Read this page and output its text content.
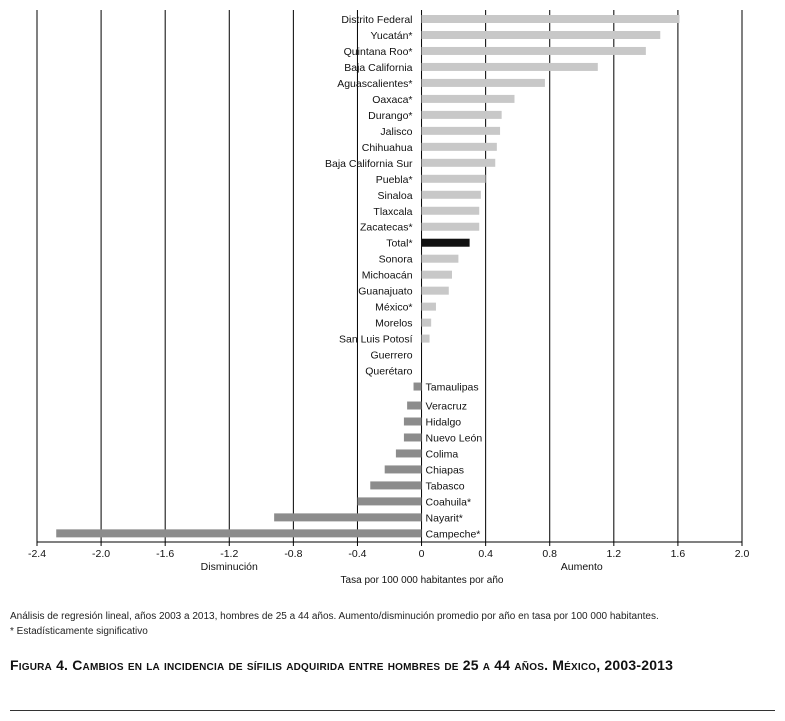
Distrito Federal
Yucatán*
Quintana Roo*
Baja California
Aguascalientes*
Oaxaca*
Durango*
Jalisco
Chihuahua
Baja California Sur
Puebla*
Sinaloa
Tlaxcala
Zacatecas*
Total*
Sonora
Michoacán
Guanajuato
México*
Morelos
San Luis Potosí
Guerrero
Querétaro
Tamaulipas
Veracruz
Hidalgo
Nuevo León
Colima
Chiapas
Tabasco
Coahuila*
Nayarit*
Campeche*
-2.4	-2.0	-1.6	-1.2	-0.8	-0.4	0	0.4	0.8	1.2	1.6	2.0
Disminución	Aumento
Tasa por 100 000 habitantes por año

Análisis de regresión lineal, años 2003 a 2013, hombres de 25 a 44 años. Aumento/disminución promedio por año en tasa por 100 000 habitantes.

* Estadísticamente significativo

Figura 4. Cambios en la incidencia de sífilis adquirida entre hombres de 25 a 44 años. México, 2003-2013
